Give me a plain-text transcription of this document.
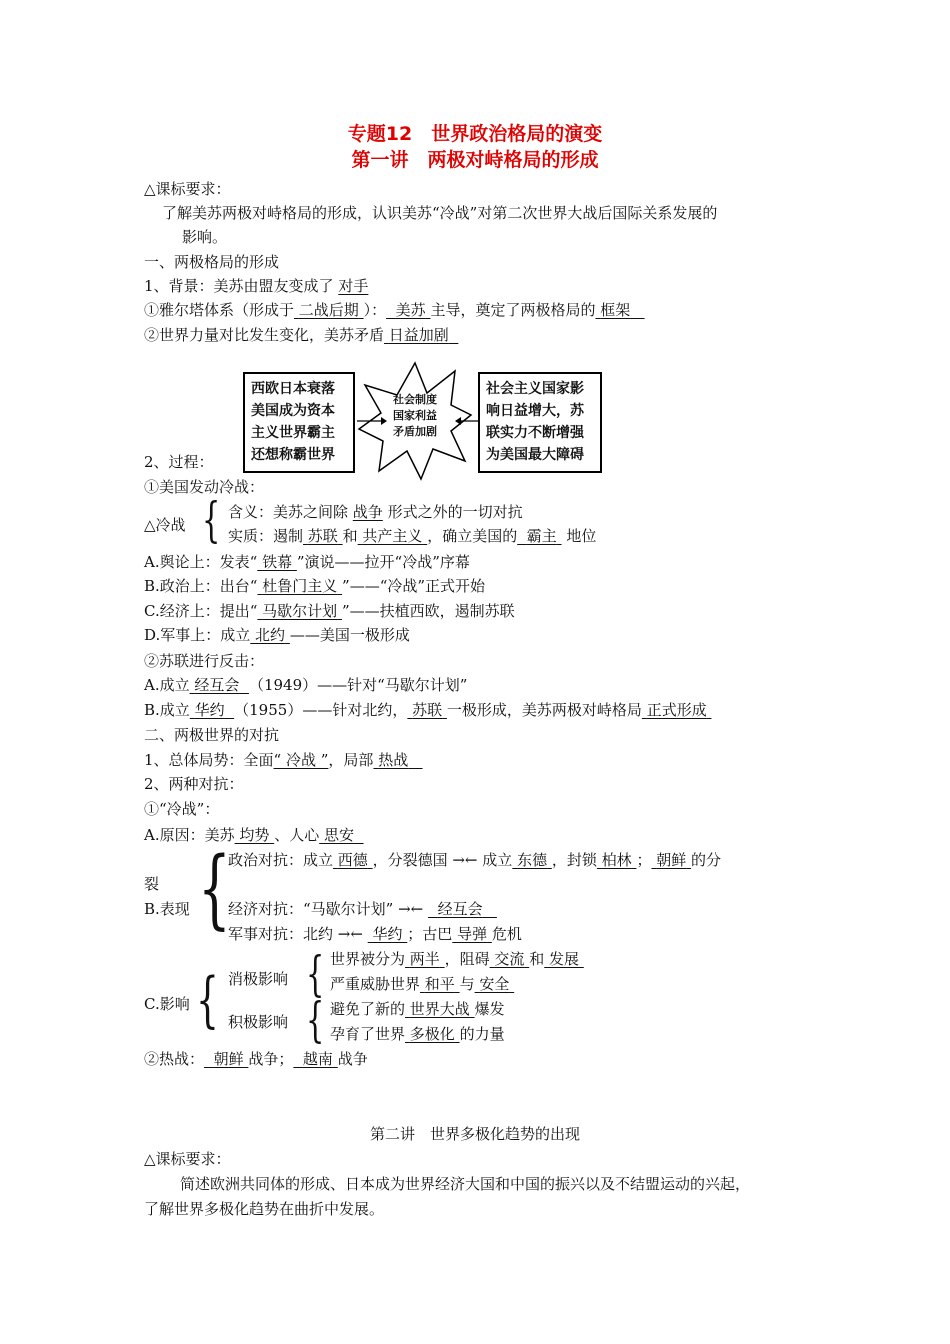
专题12　世界政治格局的演变
第一讲　两极对峙格局的形成
△课标要求：
了解美苏两极对峙格局的形成，认识美苏“冷战”对第二次世界大战后国际关系发展的
影响。
一、两极格局的形成
1、背景：美苏由盟友变成了 对手
①雅尔塔体系（形成于 二战后期 ）： 美苏 主导，奠定了两极格局的 框架
②世界力量对比发生变化，美苏矛盾 日益加剧
西欧日本衰落
美国成为资本
主义世界霸主
还想称霸世界
社会制度
国家利益
矛盾加剧
社会主义国家影
响日益增大，苏
联实力不断增强
为美国最大障碍
2、过程：
①美国发动冷战：
△冷战 { 含义：美苏之间除 战争 形式之外的一切对抗
实质：遏制 苏联 和 共产主义 ，确立美国的 霸主 地位
A.舆论上：发表“ 铁幕 ”演说——拉开“冷战”序幕
B.政治上：出台“ 杜鲁门主义 ”——“冷战”正式开始
C.经济上：提出“ 马歇尔计划 ”——扶植西欧，遏制苏联
D.军事上：成立 北约 ——美国一极形成
②苏联进行反击：
A.成立 经互会 （1949）——针对“马歇尔计划”
B.成立 华约 （1955）——针对北约， 苏联 一极形成，美苏两极对峙格局 正式形成
二、两极世界的对抗
1、总体局势：全面“ 冷战 ”，局部 热战
2、两种对抗：
①“冷战”：
A.原因：美苏 均势 、人心 思安
{
政治对抗：成立 西德 ，分裂德国 →← 成立 东德 ，封锁 柏林 ； 朝鲜 的分
裂
B.表现	经济对抗：“马歇尔计划” →← 经互会
军事对抗：北约 →← 华约 ；古巴 导弹 危机
C.影响 { 消极影响
积极影响
{
{
世界被分为 两半 ，阻碍 交流 和 发展
严重威胁世界 和平 与 安全
避免了新的 世界大战 爆发
孕育了世界 多极化 的力量
②热战： 朝鲜 战争； 越南 战争
第二讲　世界多极化趋势的出现
△课标要求：
简述欧洲共同体的形成、日本成为世界经济大国和中国的振兴以及不结盟运动的兴起，
了解世界多极化趋势在曲折中发展。
